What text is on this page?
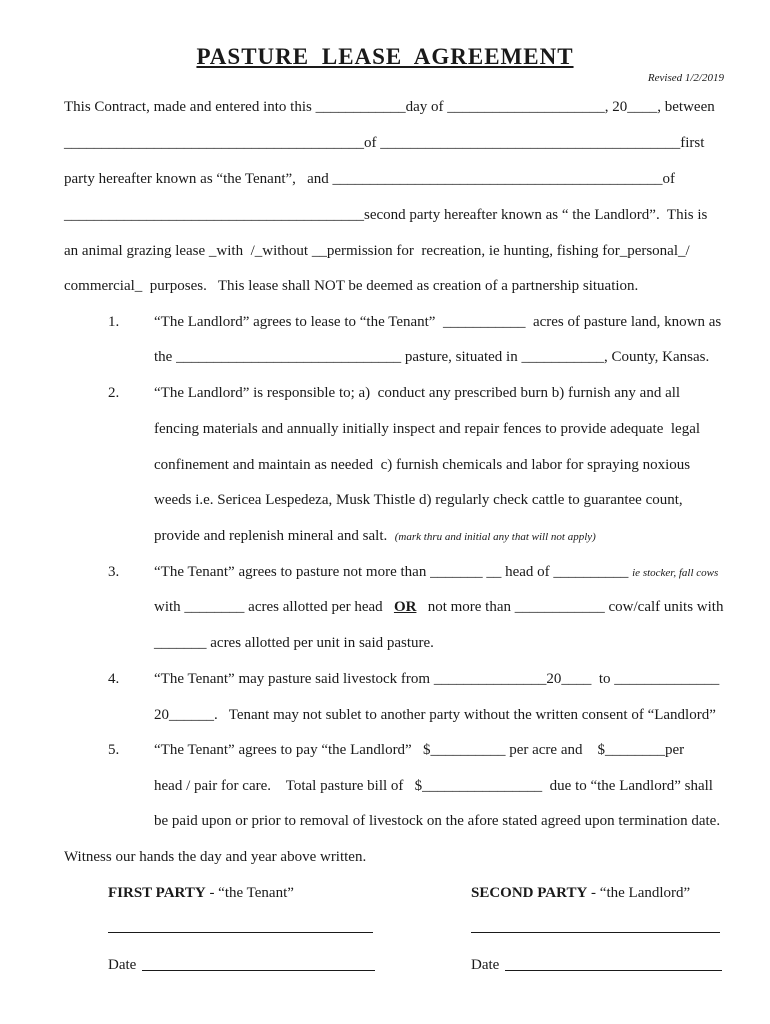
PASTURE LEASE AGREEMENT
Revised 1/2/2019
This Contract, made and entered into this ____________day of _____________________, 20____, between
________________________________________of ________________________________________first
party hereafter known as “the Tenant”,   and ____________________________________________of
________________________________________second party hereafter known as “ the Landlord”.  This is
an animal grazing lease _with  /_without __permission for  recreation, ie hunting, fishing for_personal_/
commercial_  purposes.   This lease shall NOT be deemed as creation of a partnership situation.
1. “The Landlord” agrees to lease to “the Tenant”  ___________  acres of pasture land, known as
the ______________________________ pasture, situated in ___________, County, Kansas.
2. “The Landlord” is responsible to; a)  conduct any prescribed burn b) furnish any and all
fencing materials and annually initially inspect and repair fences to provide adequate  legal
confinement and maintain as needed  c) furnish chemicals and labor for spraying noxious
weeds i.e. Sericea Lespedeza, Musk Thistle d) regularly check cattle to guarantee count,
provide and replenish mineral and salt. (mark thru and initial any that will not apply)
3. “The Tenant” agrees to pasture not more than _______ __ head of __________ ie stocker, fall cows
with ________ acres allotted per head OR not more than ____________ cow/calf units with
_______ acres allotted per unit in said pasture.
4. “The Tenant” may pasture said livestock from _______________20____  to ______________
20______.   Tenant may not sublet to another party without the written consent of “Landlord”
5. “The Tenant” agrees to pay “the Landlord”   $__________ per acre and    $________per
head / pair for care.    Total pasture bill of   $________________  due to “the Landlord” shall
be paid upon or prior to removal of livestock on the afore stated agreed upon termination date.
Witness our hands the day and year above written.
FIRST PARTY - “the Tenant”	SECOND PARTY - “the Landlord”
Date	Date
